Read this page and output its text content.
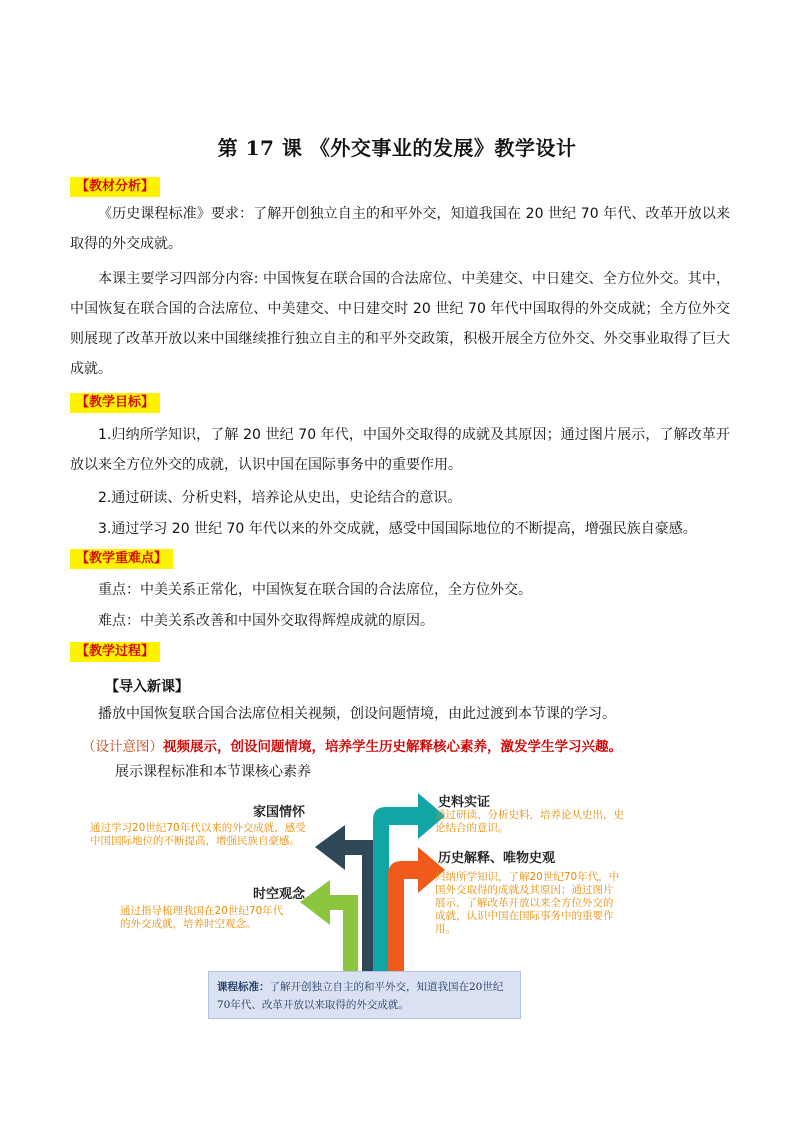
第 17 课 《外交事业的发展》教学设计
【教材分析】
《历史课程标准》要求：了解开创独立自主的和平外交，知道我国在 20 世纪 70 年代、改革开放以来取得的外交成就。
本课主要学习四部分内容: 中国恢复在联合国的合法席位、中美建交、中日建交、全方位外交。其中，中国恢复在联合国的合法席位、中美建交、中日建交时 20 世纪 70 年代中国取得的外交成就；全方位外交则展现了改革开放以来中国继续推行独立自主的和平外交政策，积极开展全方位外交、外交事业取得了巨大成就。
【教学目标】
1.归纳所学知识，了解 20 世纪 70 年代，中国外交取得的成就及其原因；通过图片展示，了解改革开放以来全方位外交的成就，认识中国在国际事务中的重要作用。
2.通过研读、分析史料，培养论从史出，史论结合的意识。
3.通过学习 20 世纪 70 年代以来的外交成就，感受中国国际地位的不断提高，增强民族自豪感。
【教学重难点】
重点：中美关系正常化，中国恢复在联合国的合法席位，全方位外交。
难点：中美关系改善和中国外交取得辉煌成就的原因。
【教学过程】
【导入新课】
播放中国恢复联合国合法席位相关视频，创设问题情境，由此过渡到本节课的学习。
（设计意图）视频展示，创设问题情境，培养学生历史解释核心素养，激发学生学习兴趣。
展示课程标准和本节课核心素养
家国情怀
通过学习20世纪70年代以来的外交成就，感受中国国际地位的不断提高，增强民族自豪感。
时空观念
通过指导梳理我国在20世纪70年代的外交成就，培养时空观念。
史料实证
通过研读、分析史料，培养论从史出，史论结合的意识。
历史解释、唯物史观
归纳所学知识，了解20世纪70年代，中国外交取得的成就及其原因；通过图片展示，了解改革开放以来全方位外交的成就，认识中国在国际事务中的重要作用。
课程标准：了解开创独立自主的和平外交，知道我国在20世纪70年代、改革开放以来取得的外交成就。
